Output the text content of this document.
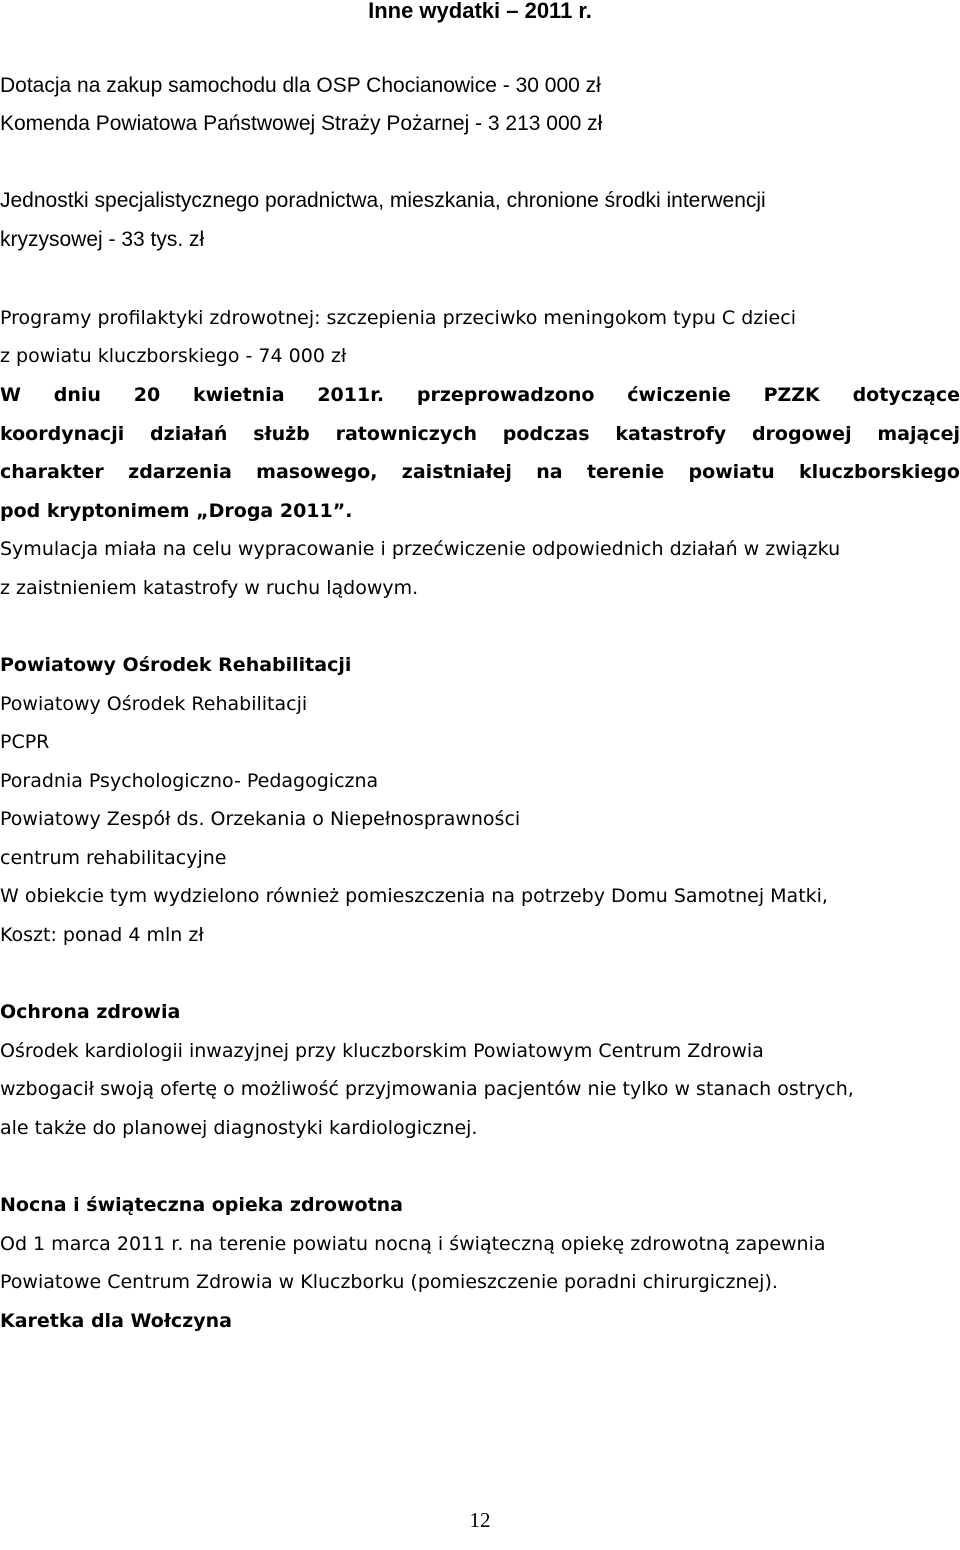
Inne wydatki – 2011 r.

Dotacja na zakup samochodu dla OSP Chocianowice - 30 000 zł

Komenda Powiatowa Państwowej Straży Pożarnej - 3 213 000 zł

Jednostki specjalistycznego poradnictwa, mieszkania, chronione środki interwencji

kryzysowej - 33 tys. zł

Programy profilaktyki zdrowotnej: szczepienia przeciwko meningokom typu C dzieci

z powiatu kluczborskiego - 74 000 zł

W dniu 20 kwietnia 2011r. przeprowadzono ćwiczenie PZZK dotyczące
koordynacji działań służb ratowniczych podczas katastrofy drogowej mającej
charakter zdarzenia masowego, zaistniałej na terenie powiatu kluczborskiego
pod kryptonimem „Droga 2011”.

Symulacja miała na celu wypracowanie i przećwiczenie odpowiednich działań w związku

z zaistnieniem katastrofy w ruchu lądowym.

Powiatowy Ośrodek Rehabilitacji

Powiatowy Ośrodek Rehabilitacji

PCPR

Poradnia Psychologiczno- Pedagogiczna

Powiatowy Zespół ds. Orzekania o Niepełnosprawności

centrum rehabilitacyjne

W obiekcie tym wydzielono również pomieszczenia na potrzeby Domu Samotnej Matki,

Koszt: ponad 4 mln zł

Ochrona zdrowia

Ośrodek kardiologii inwazyjnej przy kluczborskim Powiatowym Centrum Zdrowia

wzbogacił swoją ofertę o możliwość przyjmowania pacjentów nie tylko w stanach ostrych,

ale także do planowej diagnostyki kardiologicznej.

Nocna i świąteczna opieka zdrowotna

Od 1 marca 2011 r. na terenie powiatu nocną i świąteczną opiekę zdrowotną zapewnia

Powiatowe Centrum Zdrowia w Kluczborku (pomieszczenie poradni chirurgicznej).

Karetka dla Wołczyna

12
